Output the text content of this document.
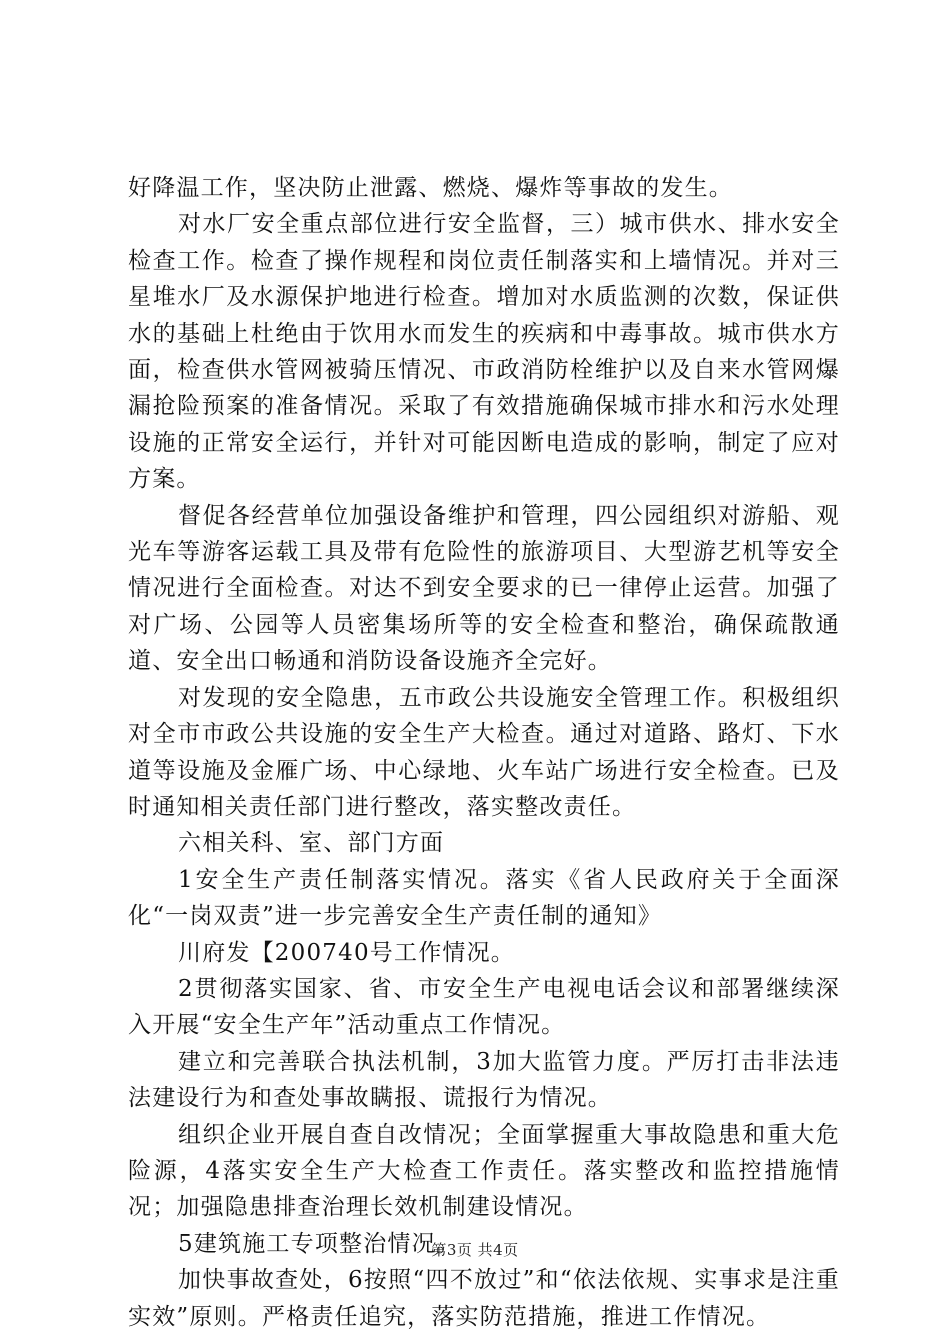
好降温工作，坚决防止泄露、燃烧、爆炸等事故的发生。

对水厂安全重点部位进行安全监督，三）城市供水、排水安全检查工作。检查了操作规程和岗位责任制落实和上墙情况。并对三星堆水厂及水源保护地进行检查。增加对水质监测的次数，保证供水的基础上杜绝由于饮用水而发生的疾病和中毒事故。城市供水方面，检查供水管网被骑压情况、市政消防栓维护以及自来水管网爆漏抢险预案的准备情况。采取了有效措施确保城市排水和污水处理设施的正常安全运行，并针对可能因断电造成的影响，制定了应对方案。

督促各经营单位加强设备维护和管理，四公园组织对游船、观光车等游客运载工具及带有危险性的旅游项目、大型游艺机等安全情况进行全面检查。对达不到安全要求的已一律停止运营。加强了对广场、公园等人员密集场所等的安全检查和整治，确保疏散通道、安全出口畅通和消防设备设施齐全完好。

对发现的安全隐患，五市政公共设施安全管理工作。积极组织对全市市政公共设施的安全生产大检查。通过对道路、路灯、下水道等设施及金雁广场、中心绿地、火车站广场进行安全检查。已及时通知相关责任部门进行整改，落实整改责任。

六相关科、室、部门方面

1安全生产责任制落实情况。落实《省人民政府关于全面深化“一岗双责”进一步完善安全生产责任制的通知》

川府发【200740号工作情况。

2贯彻落实国家、省、市安全生产电视电话会议和部署继续深入开展“安全生产年”活动重点工作情况。

建立和完善联合执法机制，3加大监管力度。严厉打击非法违法建设行为和查处事故瞒报、谎报行为情况。

组织企业开展自查自改情况；全面掌握重大事故隐患和重大危险源，4落实安全生产大检查工作责任。落实整改和监控措施情况；加强隐患排查治理长效机制建设情况。

5建筑施工专项整治情况。

加快事故查处，6按照“四不放过”和“依法依规、实事求是注重实效”原则。严格责任追究，落实防范措施，推进工作情况。

第3页 共4页
